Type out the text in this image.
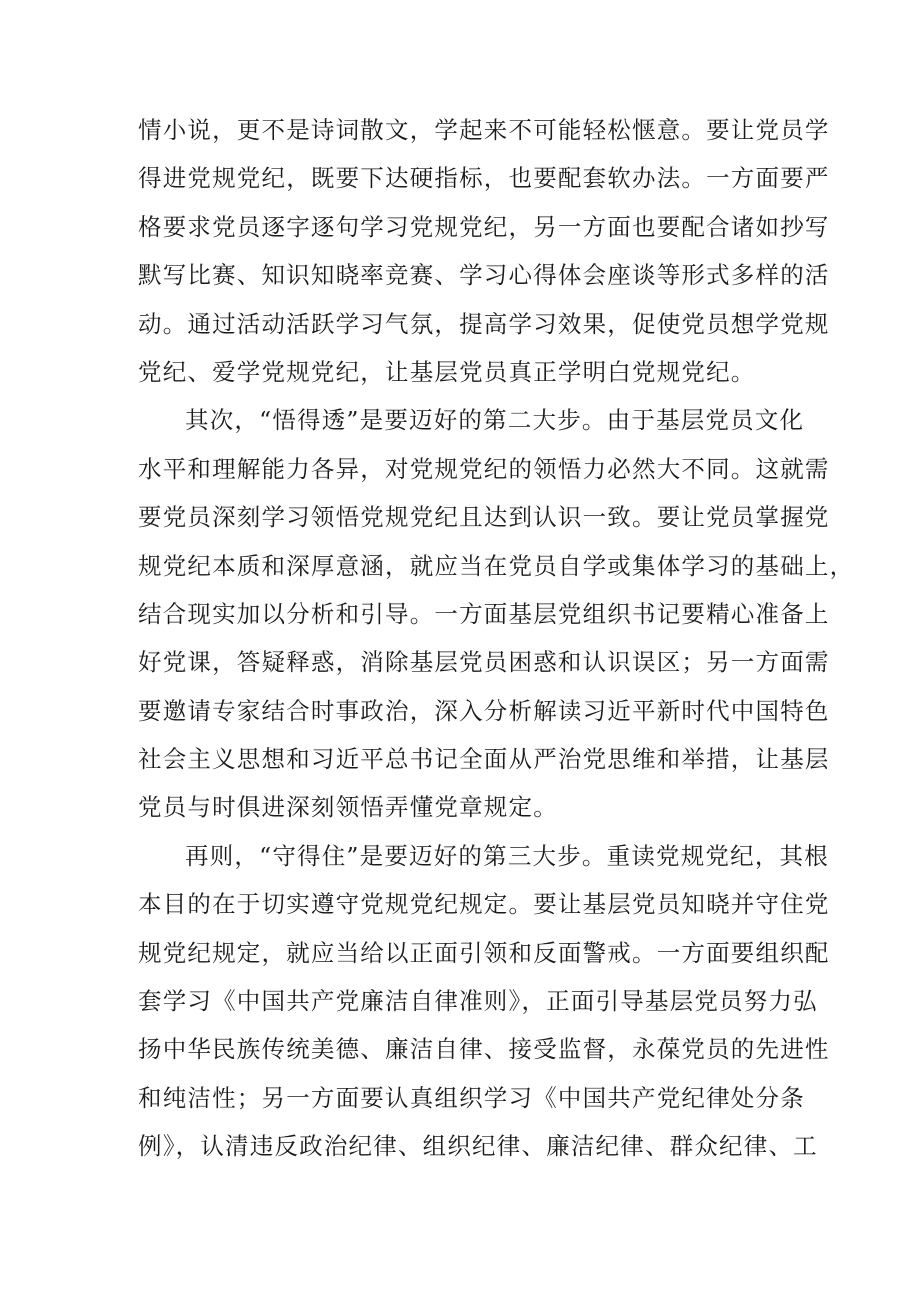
情小说，更不是诗词散文，学起来不可能轻松惬意。要让党员学
得进党规党纪，既要下达硬指标，也要配套软办法。一方面要严
格要求党员逐字逐句学习党规党纪，另一方面也要配合诸如抄写
默写比赛、知识知晓率竞赛、学习心得体会座谈等形式多样的活
动。通过活动活跃学习气氛，提高学习效果，促使党员想学党规
党纪、爱学党规党纪，让基层党员真正学明白党规党纪。
其次，“悟得透”是要迈好的第二大步。由于基层党员文化
水平和理解能力各异，对党规党纪的领悟力必然大不同。这就需
要党员深刻学习领悟党规党纪且达到认识一致。要让党员掌握党
规党纪本质和深厚意涵，就应当在党员自学或集体学习的基础上，
结合现实加以分析和引导。一方面基层党组织书记要精心准备上
好党课，答疑释惑，消除基层党员困惑和认识误区；另一方面需
要邀请专家结合时事政治，深入分析解读习近平新时代中国特色
社会主义思想和习近平总书记全面从严治党思维和举措，让基层
党员与时俱进深刻领悟弄懂党章规定。
再则，“守得住”是要迈好的第三大步。重读党规党纪，其根
本目的在于切实遵守党规党纪规定。要让基层党员知晓并守住党
规党纪规定，就应当给以正面引领和反面警戒。一方面要组织配
套学习《中国共产党廉洁自律准则》，正面引导基层党员努力弘
扬中华民族传统美德、廉洁自律、接受监督，永葆党员的先进性
和纯洁性；另一方面要认真组织学习《中国共产党纪律处分条
例》，认清违反政治纪律、组织纪律、廉洁纪律、群众纪律、工
